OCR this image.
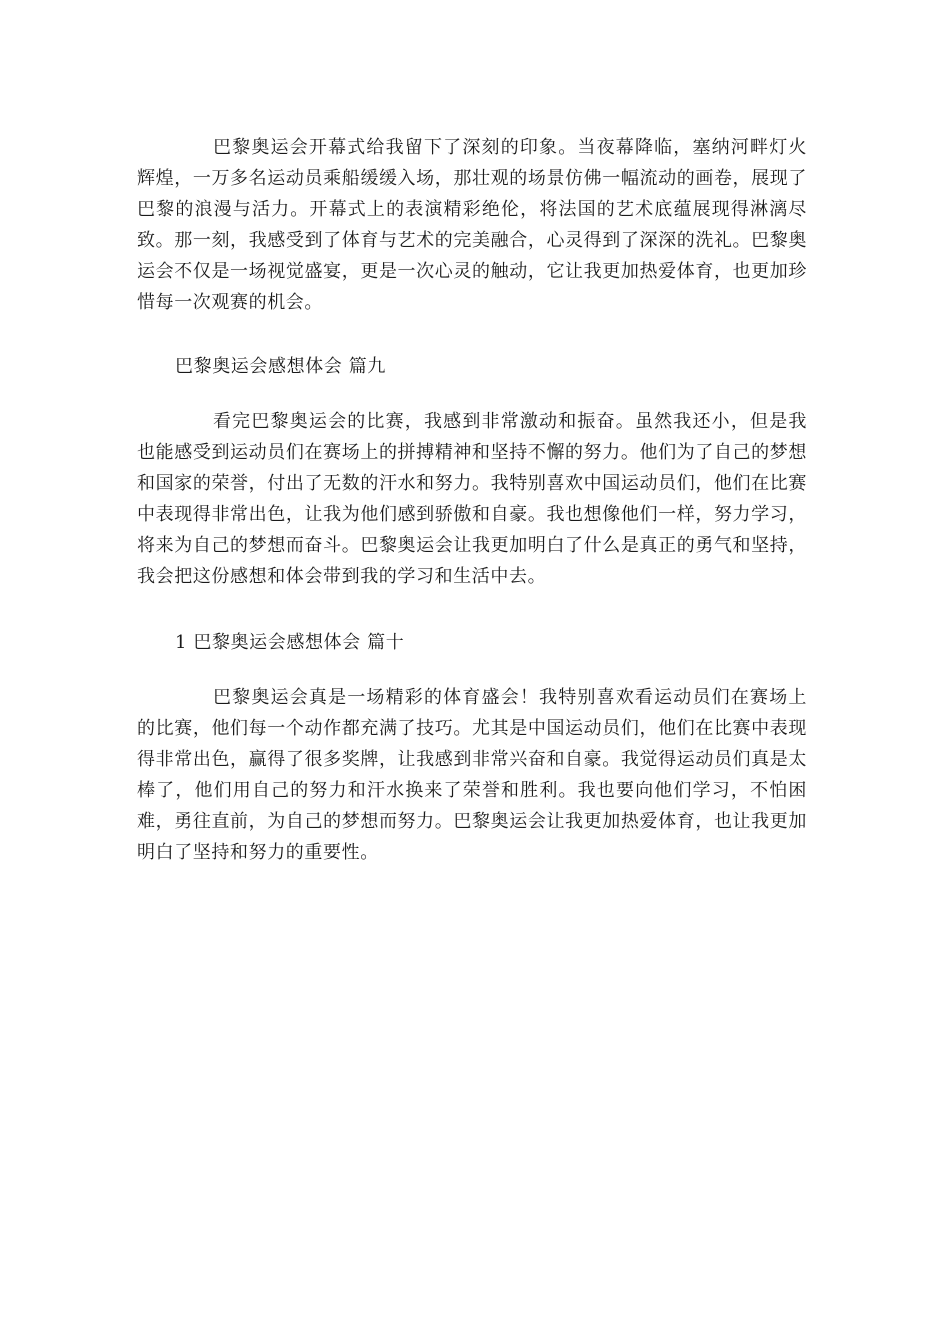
巴黎奥运会开幕式给我留下了深刻的印象。当夜幕降临，塞纳河畔灯火辉煌，一万多名运动员乘船缓缓入场，那壮观的场景仿佛一幅流动的画卷，展现了巴黎的浪漫与活力。开幕式上的表演精彩绝伦，将法国的艺术底蕴展现得淋漓尽致。那一刻，我感受到了体育与艺术的完美融合，心灵得到了深深的洗礼。巴黎奥运会不仅是一场视觉盛宴，更是一次心灵的触动，它让我更加热爱体育，也更加珍惜每一次观赛的机会。

巴黎奥运会感想体会 篇九

看完巴黎奥运会的比赛，我感到非常激动和振奋。虽然我还小，但是我也能感受到运动员们在赛场上的拼搏精神和坚持不懈的努力。他们为了自己的梦想和国家的荣誉，付出了无数的汗水和努力。我特别喜欢中国运动员们，他们在比赛中表现得非常出色，让我为他们感到骄傲和自豪。我也想像他们一样，努力学习，将来为自己的梦想而奋斗。巴黎奥运会让我更加明白了什么是真正的勇气和坚持，我会把这份感想和体会带到我的学习和生活中去。

1 巴黎奥运会感想体会 篇十

巴黎奥运会真是一场精彩的体育盛会！我特别喜欢看运动员们在赛场上的比赛，他们每一个动作都充满了技巧。尤其是中国运动员们，他们在比赛中表现得非常出色，赢得了很多奖牌，让我感到非常兴奋和自豪。我觉得运动员们真是太棒了，他们用自己的努力和汗水换来了荣誉和胜利。我也要向他们学习，不怕困难，勇往直前，为自己的梦想而努力。巴黎奥运会让我更加热爱体育，也让我更加明白了坚持和努力的重要性。
